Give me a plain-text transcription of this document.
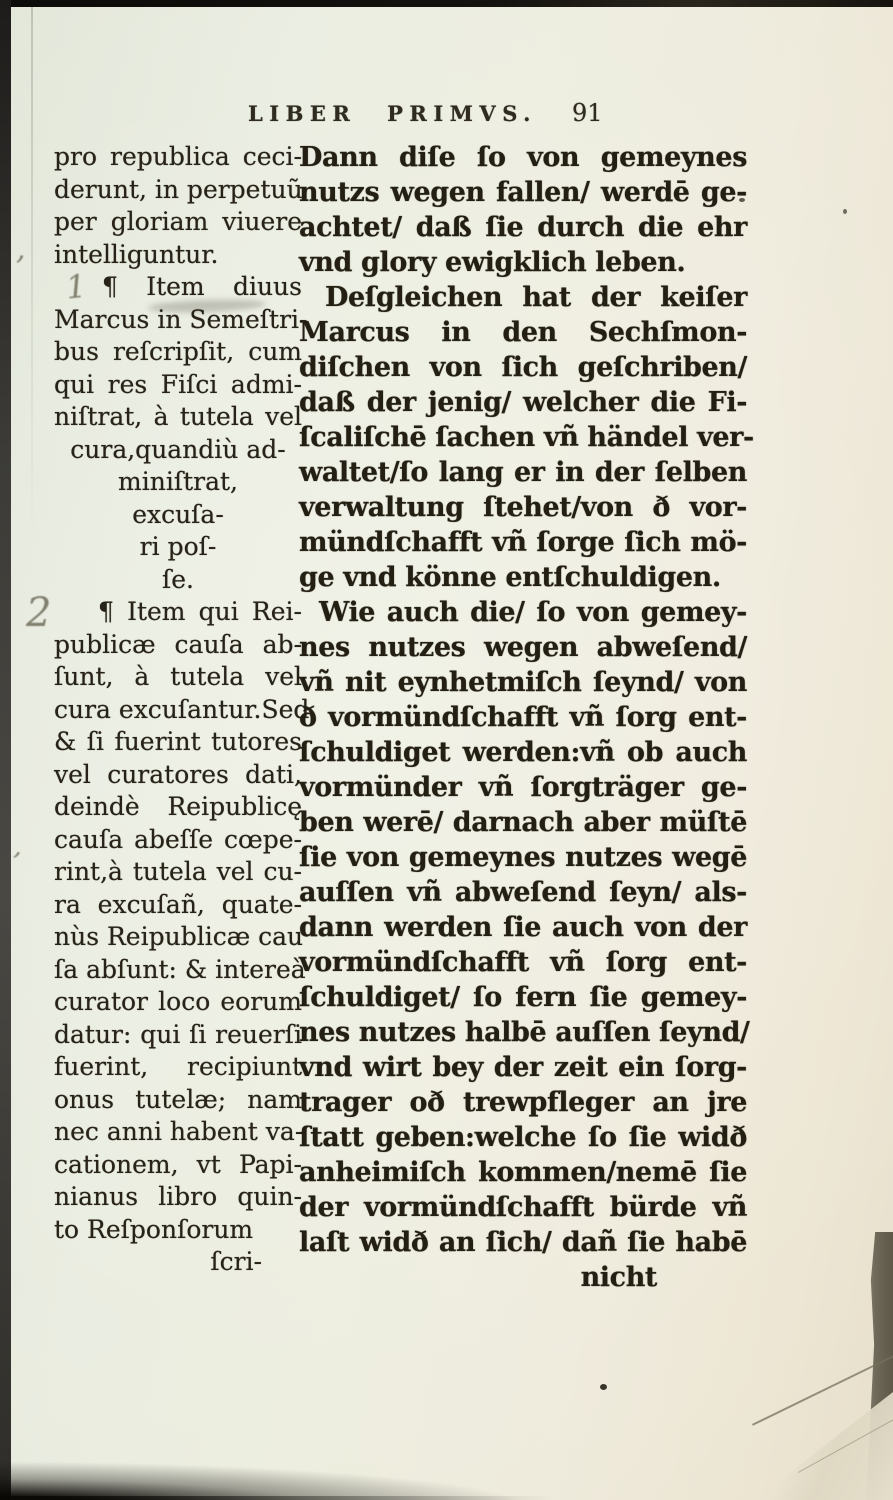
LIBER PRIMVS. 91
pro republica ceci-
derunt, in perpetuũ
per gloriam viuere
intelliguntur.
¶ Item diuus
Marcus in Semeſtri-
bus reſcripſit, cum
qui res Fiſci admi-
niſtrat, à tutela vel
cura,quandiù ad-
miniſtrat,
excuſa-
ri poſ-
ſe.
¶ Item qui Rei-
publicæ cauſa ab-
ſunt, à tutela vel
cura excuſantur.Sed
& ſi fuerint tutores
vel curatores dati,
deindè Reipublicę
cauſa abeſſe cœpe-
rint,à tutela vel cu-
ra excuſañ, quate-
nùs Reipublicæ cau
ſa abſunt: & intereà
curator loco eorum
datur: qui ſi reuerſi
fuerint, recipiunt
onus tutelæ; nam
nec anni habent va-
cationem, vt Papi-
nianus libro quin-
to Reſponſorum
ſcri-
Dann diſe ſo von gemeynes
nutzs wegen fallen/ werdē ge-
achtet/ daß ſie durch die ehr
vnd glory ewigklich leben.
Deſgleichen hat der keiſer
Marcus in den Sechſmon-
diſchen von ſich geſchriben/
daß der jenig/ welcher die Fi-
ſcaliſchē ſachen vñ händel ver-
waltet/ſo lang er in der ſelben
verwaltung ſtehet/von ð vor-
mündſchafft vñ ſorge ſich mö-
ge vnd könne entſchuldigen.
Wie auch die/ ſo von gemey-
nes nutzes wegen abweſend/
vñ nit eynhetmiſch ſeynd/ von
ð vormündſchafft vñ ſorg ent-
ſchuldiget werden:vñ ob auch
vormünder vñ ſorgträger ge-
ben werē/ darnach aber müſtē
ſie von gemeynes nutzes wegē
auſſen vñ abweſend ſeyn/ als-
dann werden ſie auch von der
vormündſchafft vñ ſorg ent-
ſchuldiget/ ſo fern ſie gemey-
nes nutzes halbē auſſen ſeynd/
vnd wirt bey der zeit ein ſorg-
trager oð trewpfleger an jre
ſtatt geben:welche ſo ſie widð
anheimiſch kommen/nemē ſie
der vormündſchafft bürde vñ
laſt widð an ſich/ dañ ſie habē
nicht
1
2
,
ʼ
